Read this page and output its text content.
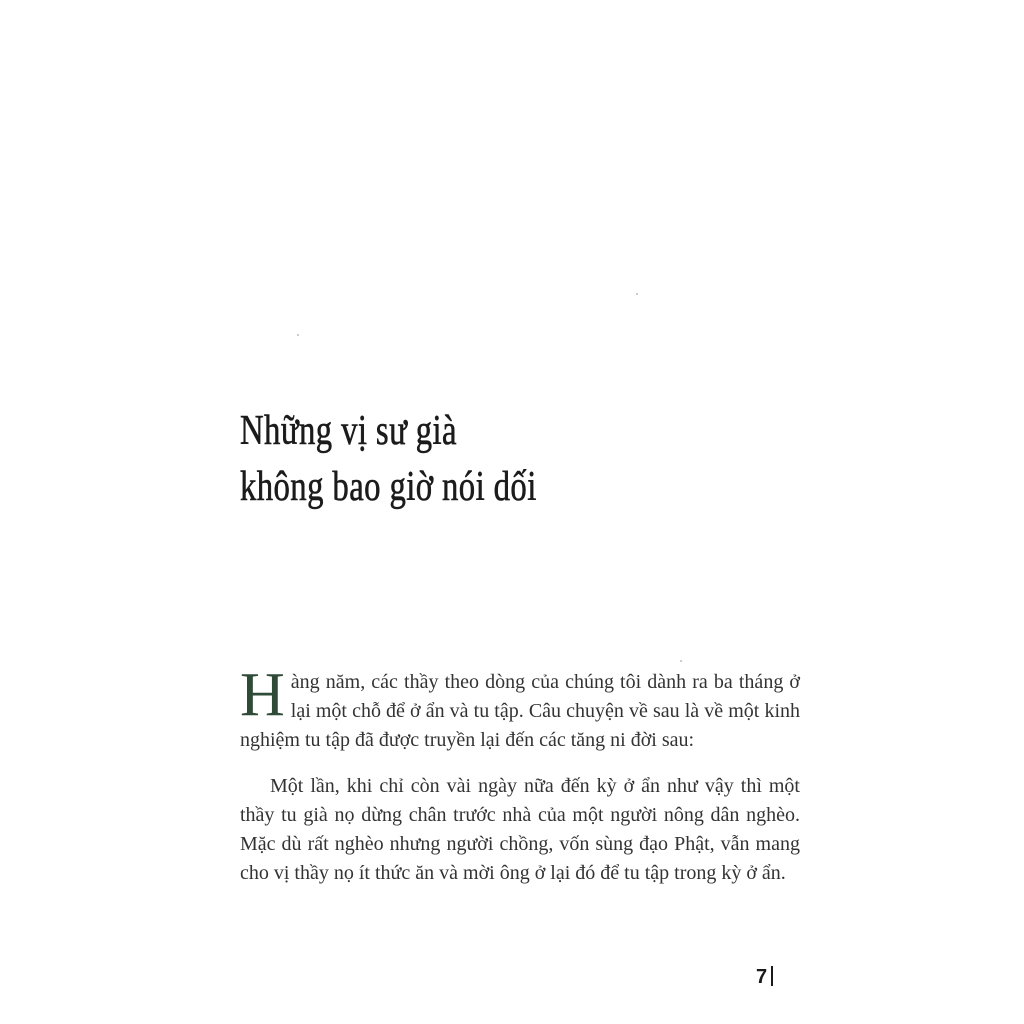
Những vị sư già
không bao giờ nói dối

Hàng năm, các thầy theo dòng của chúng tôi dành ra ba tháng ở lại một chỗ để ở ẩn và tu tập. Câu chuyện về sau là về một kinh nghiệm tu tập đã được truyền lại đến các tăng ni đời sau:

Một lần, khi chỉ còn vài ngày nữa đến kỳ ở ẩn như vậy thì một thầy tu già nọ dừng chân trước nhà của một người nông dân nghèo. Mặc dù rất nghèo nhưng người chồng, vốn sùng đạo Phật, vẫn mang cho vị thầy nọ ít thức ăn và mời ông ở lại đó để tu tập trong kỳ ở ẩn.

7
